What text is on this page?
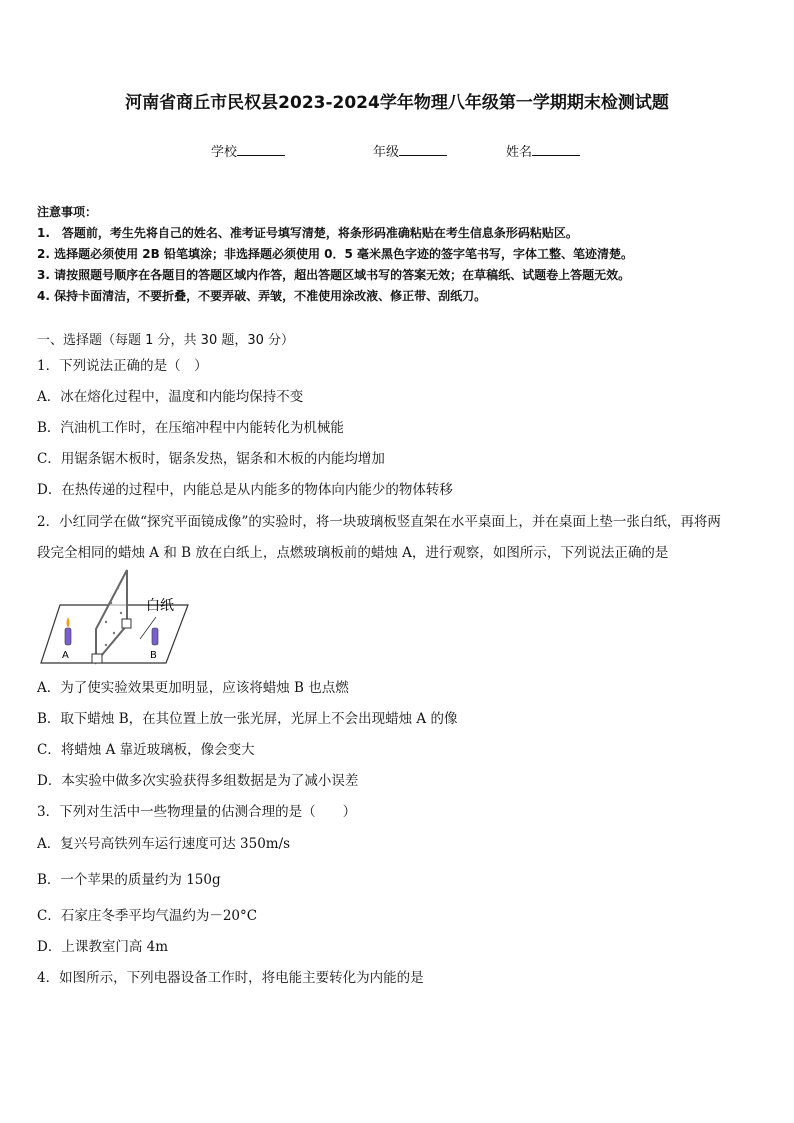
河南省商丘市民权县2023-2024学年物理八年级第一学期期末检测试题
学校	年级	姓名
注意事项：
1.　答题前，考生先将自己的姓名、准考证号填写清楚，将条形码准确粘贴在考生信息条形码粘贴区。
2. 选择题必须使用 2B 铅笔填涂；非选择题必须使用 0．5 毫米黑色字迹的签字笔书写，字体工整、笔迹清楚。
3. 请按照题号顺序在各题目的答题区域内作答，超出答题区域书写的答案无效；在草稿纸、试题卷上答题无效。
4. 保持卡面清洁，不要折叠，不要弄破、弄皱，不准使用涂改液、修正带、刮纸刀。
一、选择题（每题 1 分，共 30 题，30 分）
1．下列说法正确的是（　）
A．冰在熔化过程中，温度和内能均保持不变
B．汽油机工作时，在压缩冲程中内能转化为机械能
C．用锯条锯木板时，锯条发热，锯条和木板的内能均增加
D．在热传递的过程中，内能总是从内能多的物体向内能少的物体转移
2．小红同学在做“探究平面镜成像”的实验时，将一块玻璃板竖直架在水平桌面上，并在桌面上垫一张白纸，再将两
段完全相同的蜡烛 A 和 B 放在白纸上，点燃玻璃板前的蜡烛 A，进行观察，如图所示，下列说法正确的是
白纸
A	B
A．为了使实验效果更加明显，应该将蜡烛 B 也点燃
B．取下蜡烛 B，在其位置上放一张光屏，光屏上不会出现蜡烛 A 的像
C．将蜡烛 A 靠近玻璃板，像会变大
D．本实验中做多次实验获得多组数据是为了减小误差
3．下列对生活中一些物理量的估测合理的是（　　）
A．复兴号高铁列车运行速度可达 350m/s
B．一个苹果的质量约为 150g
C．石家庄冬季平均气温约为－20°C
D．上课教室门高 4m
4．如图所示，下列电器设备工作时，将电能主要转化为内能的是
